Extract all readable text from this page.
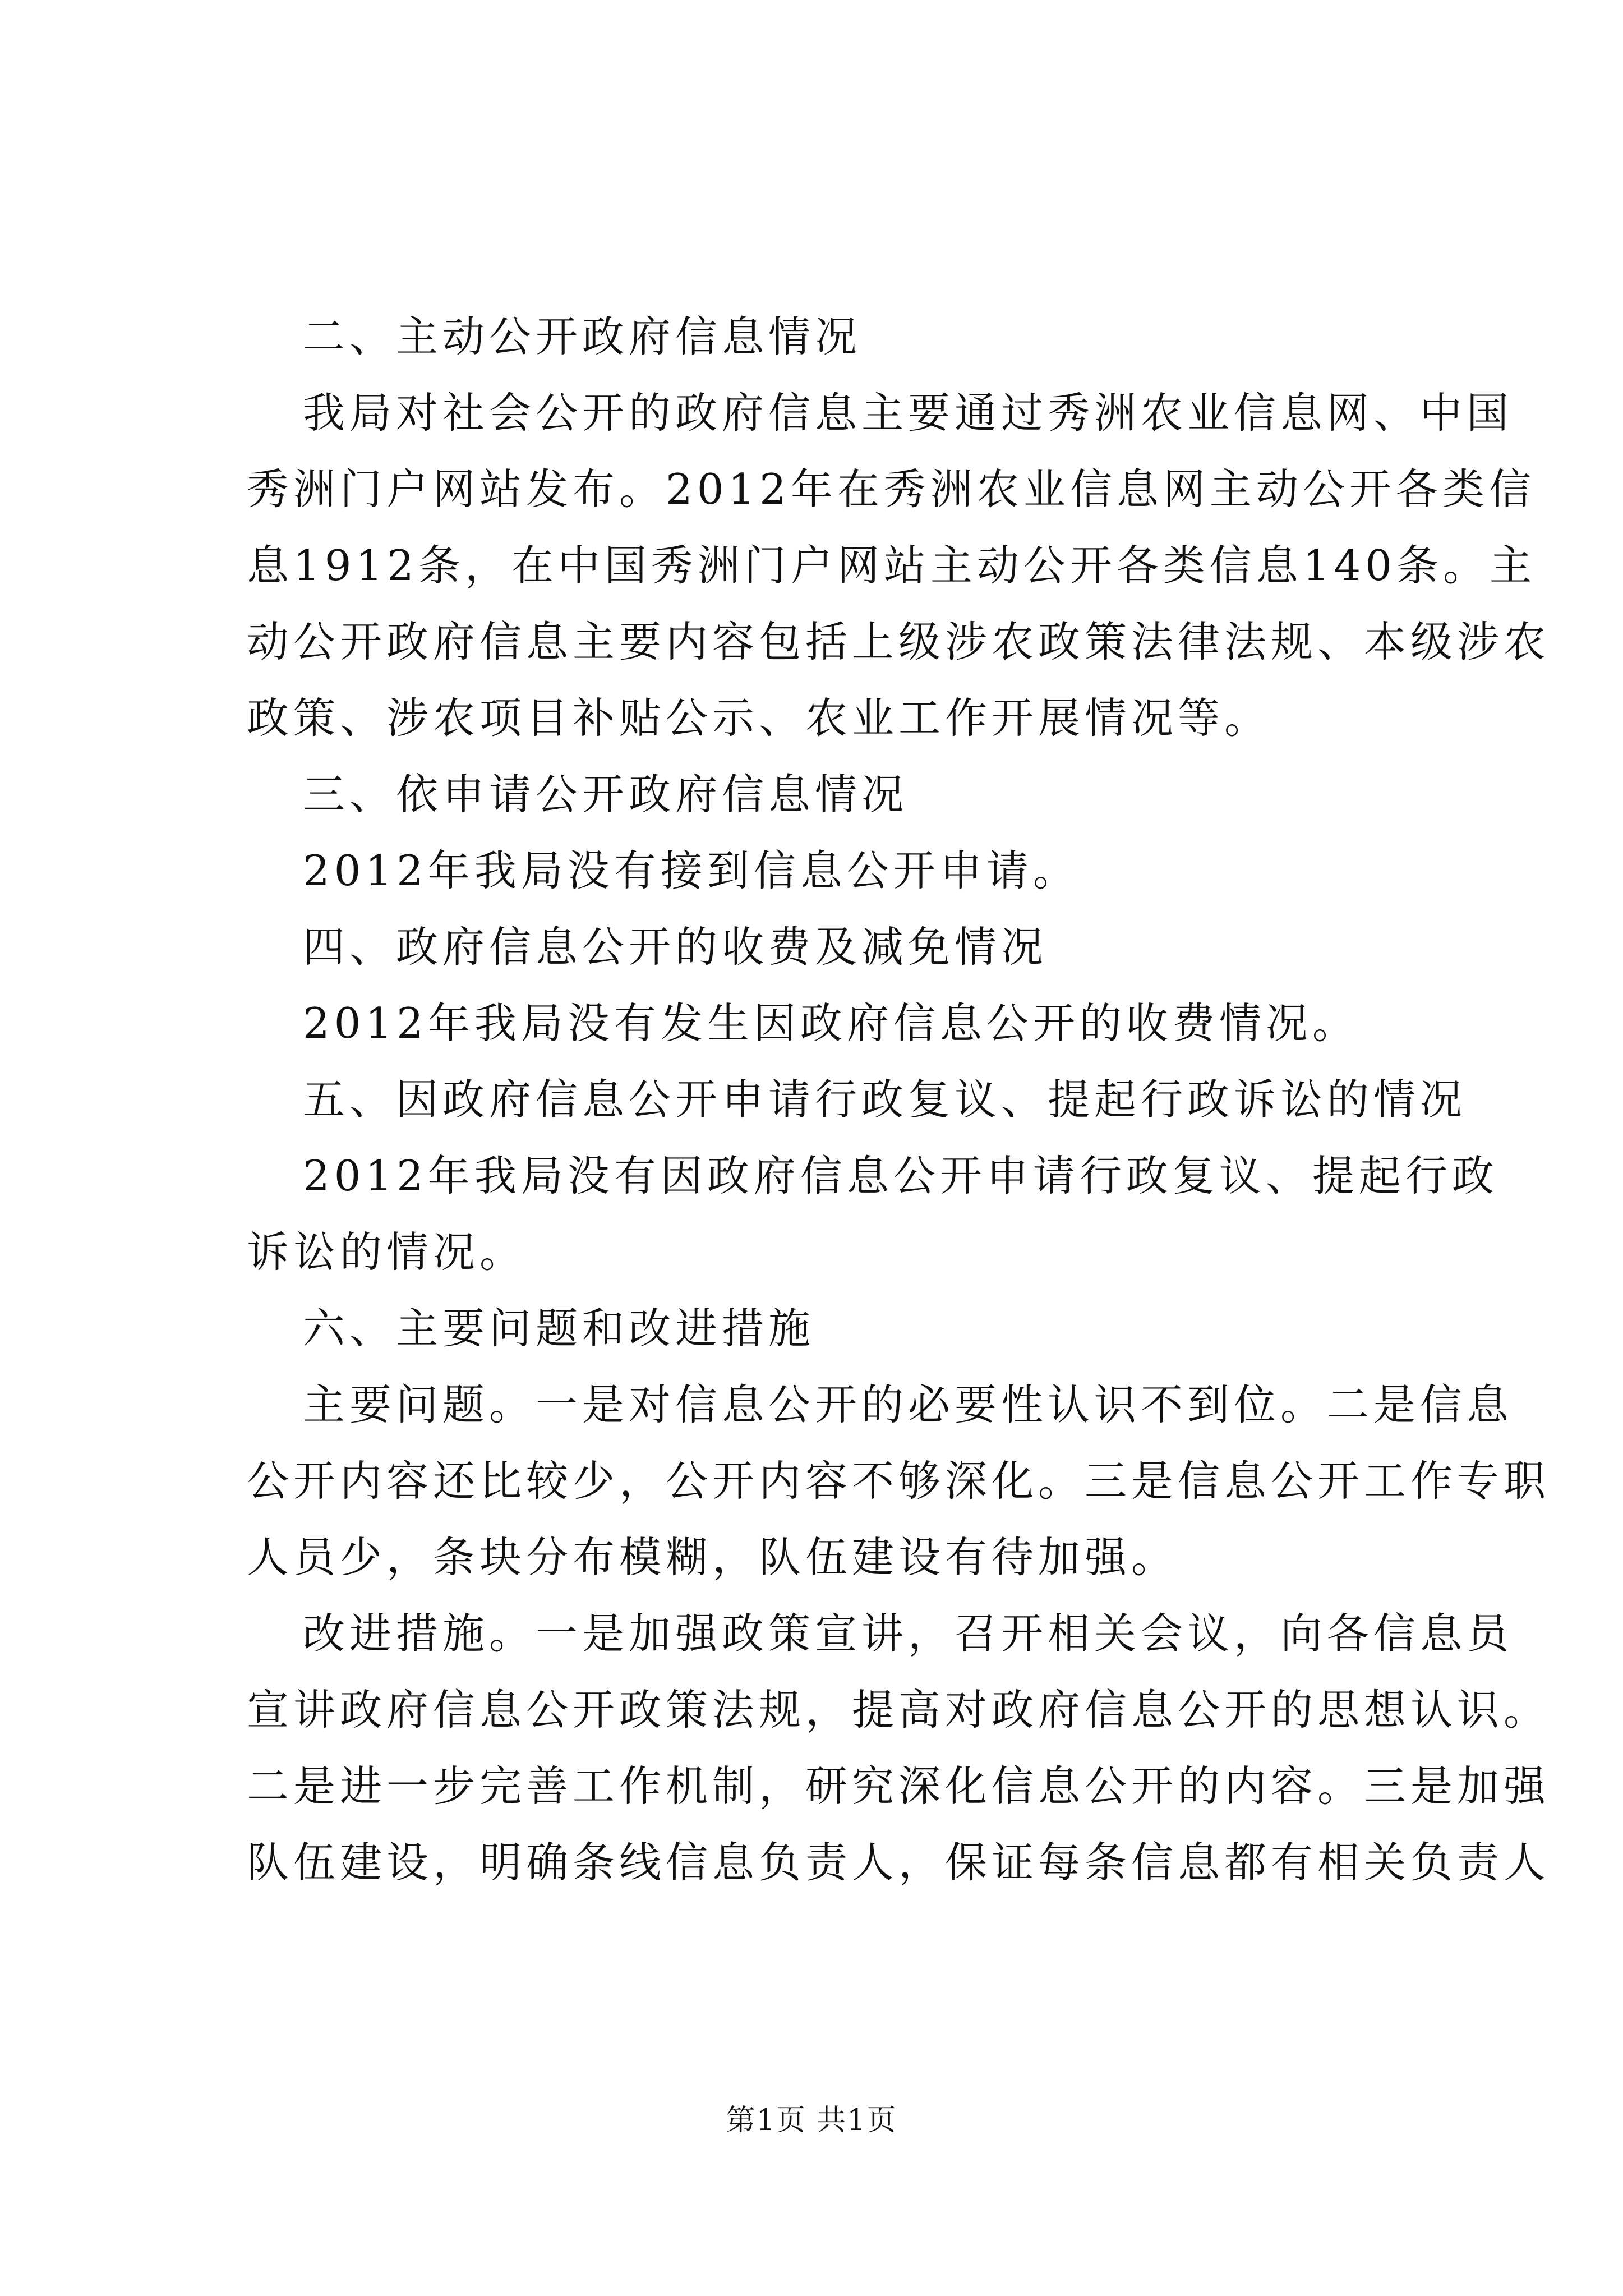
二、主动公开政府信息情况
我局对社会公开的政府信息主要通过秀洲农业信息网、中国
秀洲门户网站发布。2012年在秀洲农业信息网主动公开各类信
息1912条，在中国秀洲门户网站主动公开各类信息140条。主
动公开政府信息主要内容包括上级涉农政策法律法规、本级涉农
政策、涉农项目补贴公示、农业工作开展情况等。
三、依申请公开政府信息情况
2012年我局没有接到信息公开申请。
四、政府信息公开的收费及减免情况
2012年我局没有发生因政府信息公开的收费情况。
五、因政府信息公开申请行政复议、提起行政诉讼的情况
2012年我局没有因政府信息公开申请行政复议、提起行政
诉讼的情况。
六、主要问题和改进措施
主要问题。一是对信息公开的必要性认识不到位。二是信息
公开内容还比较少，公开内容不够深化。三是信息公开工作专职
人员少，条块分布模糊，队伍建设有待加强。
改进措施。一是加强政策宣讲，召开相关会议，向各信息员
宣讲政府信息公开政策法规，提高对政府信息公开的思想认识。
二是进一步完善工作机制，研究深化信息公开的内容。三是加强
队伍建设，明确条线信息负责人，保证每条信息都有相关负责人
第1页 共1页
